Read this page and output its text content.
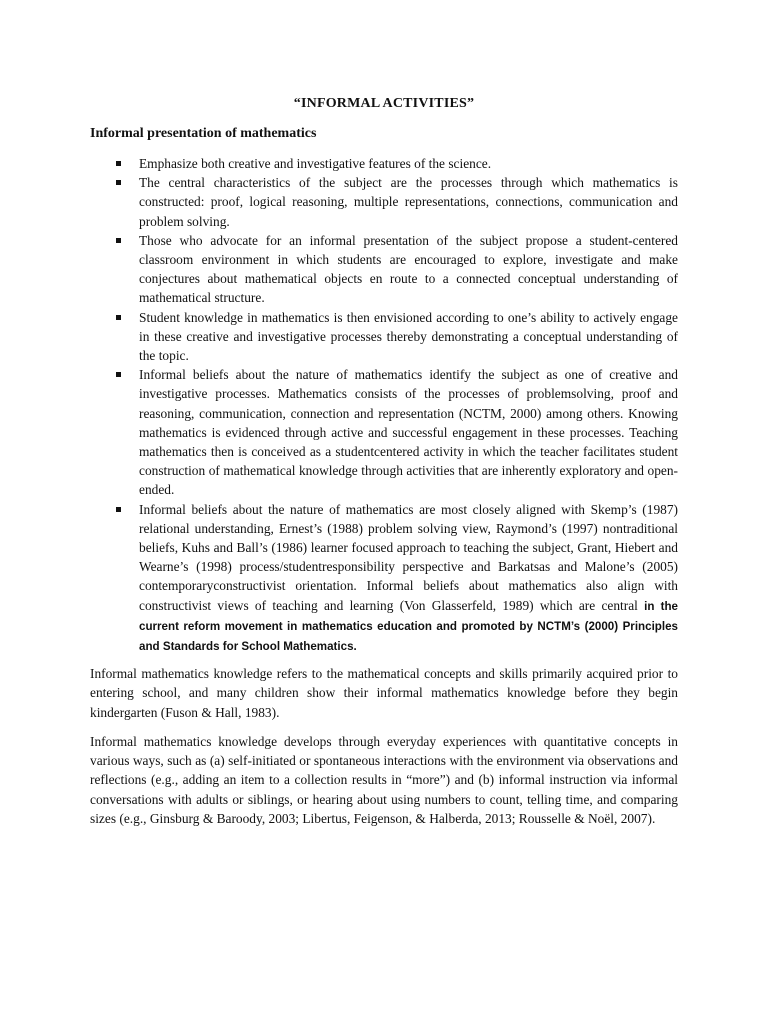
“INFORMAL ACTIVITIES”
Informal presentation of mathematics
Emphasize both creative and investigative features of the science.
The central characteristics of the subject are the processes through which mathematics is constructed: proof, logical reasoning, multiple representations, connections, communication and problem solving.
Those who advocate for an informal presentation of the subject propose a student-centered classroom environment in which students are encouraged to explore, investigate and make conjectures about mathematical objects en route to a connected conceptual understanding of mathematical structure.
Student knowledge in mathematics is then envisioned according to one’s ability to actively engage in these creative and investigative processes thereby demonstrating a conceptual understanding of the topic.
Informal beliefs about the nature of mathematics identify the subject as one of creative and investigative processes. Mathematics consists of the processes of problemsolving, proof and reasoning, communication, connection and representation (NCTM, 2000) among others. Knowing mathematics is evidenced through active and successful engagement in these processes. Teaching mathematics then is conceived as a studentcentered activity in which the teacher facilitates student construction of mathematical knowledge through activities that are inherently exploratory and open-ended.
Informal beliefs about the nature of mathematics are most closely aligned with Skemp’s (1987) relational understanding, Ernest’s (1988) problem solving view, Raymond’s (1997) nontraditional beliefs, Kuhs and Ball’s (1986) learner focused approach to teaching the subject, Grant, Hiebert and Wearne’s (1998) process/studentresponsibility perspective and Barkatsas and Malone’s (2005) contemporaryconstructivist orientation. Informal beliefs about mathematics also align with constructivist views of teaching and learning (Von Glasserfeld, 1989) which are central in the current reform movement in mathematics education and promoted by NCTM’s (2000) Principles and Standards for School Mathematics.

Informal mathematics knowledge refers to the mathematical concepts and skills primarily acquired prior to entering school, and many children show their informal mathematics knowledge before they begin kindergarten (Fuson & Hall, 1983).

Informal mathematics knowledge develops through everyday experiences with quantitative concepts in various ways, such as (a) self-initiated or spontaneous interactions with the environment via observations and reflections (e.g., adding an item to a collection results in “more”) and (b) informal instruction via informal conversations with adults or siblings, or hearing about using numbers to count, telling time, and comparing sizes (e.g., Ginsburg & Baroody, 2003; Libertus, Feigenson, & Halberda, 2013; Rousselle & Noël, 2007).
